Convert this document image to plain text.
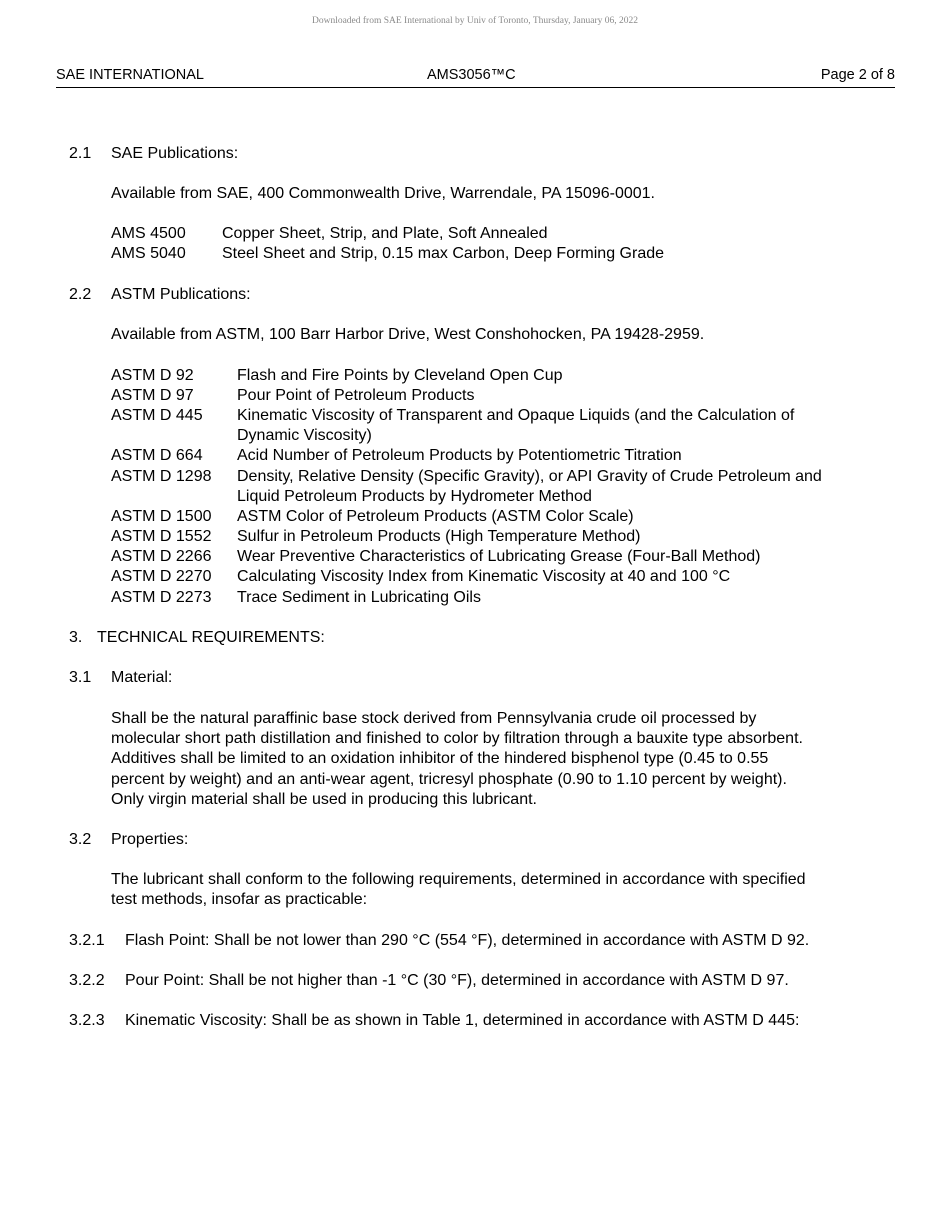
Downloaded from SAE International by Univ of Toronto, Thursday, January 06, 2022
SAE INTERNATIONAL	AMS3056™C	Page 2 of 8
2.1 SAE Publications:
Available from SAE, 400 Commonwealth Drive, Warrendale, PA 15096-0001.
AMS 4500 Copper Sheet, Strip, and Plate, Soft Annealed
AMS 5040 Steel Sheet and Strip, 0.15 max Carbon, Deep Forming Grade
2.2 ASTM Publications:
Available from ASTM, 100 Barr Harbor Drive, West Conshohocken, PA 19428-2959.
ASTM D 92	Flash and Fire Points by Cleveland Open Cup
ASTM D 97	Pour Point of Petroleum Products
ASTM D 445 Kinematic Viscosity of Transparent and Opaque Liquids (and the Calculation of
Dynamic Viscosity)
ASTM D 664 Acid Number of Petroleum Products by Potentiometric Titration
ASTM D 1298 Density, Relative Density (Specific Gravity), or API Gravity of Crude Petroleum and
Liquid Petroleum Products by Hydrometer Method
ASTM D 1500 ASTM Color of Petroleum Products (ASTM Color Scale)
ASTM D 1552 Sulfur in Petroleum Products (High Temperature Method)
ASTM D 2266 Wear Preventive Characteristics of Lubricating Grease (Four-Ball Method)
ASTM D 2270 Calculating Viscosity Index from Kinematic Viscosity at 40 and 100 °C
ASTM D 2273 Trace Sediment in Lubricating Oils
3. TECHNICAL REQUIREMENTS:
3.1 Material:
Shall be the natural paraffinic base stock derived from Pennsylvania crude oil processed by
molecular short path distillation and finished to color by filtration through a bauxite type absorbent.
Additives shall be limited to an oxidation inhibitor of the hindered bisphenol type (0.45 to 0.55
percent by weight) and an anti-wear agent, tricresyl phosphate (0.90 to 1.10 percent by weight).
Only virgin material shall be used in producing this lubricant.
3.2 Properties:
The lubricant shall conform to the following requirements, determined in accordance with specified
test methods, insofar as practicable:
3.2.1 Flash Point: Shall be not lower than 290 °C (554 °F), determined in accordance with ASTM D 92.
3.2.2 Pour Point: Shall be not higher than -1 °C (30 °F), determined in accordance with ASTM D 97.
3.2.3 Kinematic Viscosity: Shall be as shown in Table 1, determined in accordance with ASTM D 445:
